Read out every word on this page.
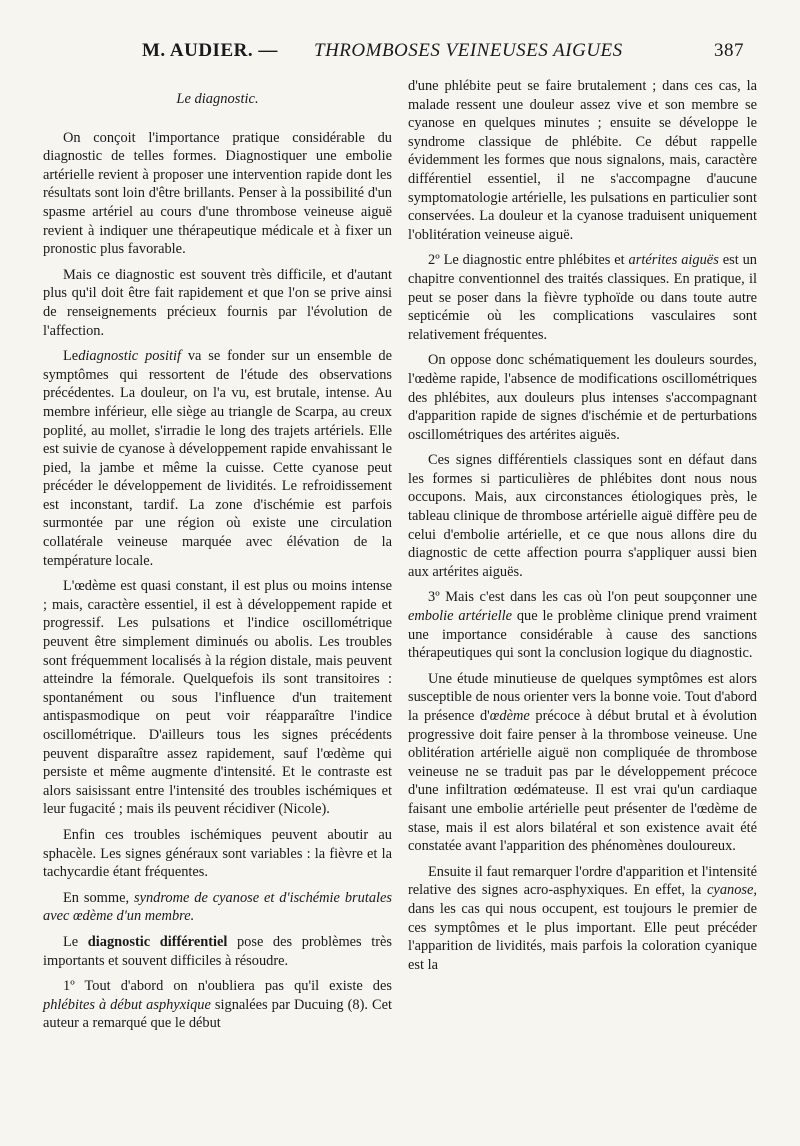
M. AUDIER. — THROMBOSES VEINEUSES AIGUES	387
Le diagnostic.

On conçoit l'importance pratique considérable du diagnostic de telles formes. Diagnostiquer une embolie artérielle revient à proposer une intervention rapide dont les résultats sont loin d'être brillants. Penser à la possibilité d'un spasme artériel au cours d'une thrombose veineuse aiguë revient à indiquer une thérapeutique médicale et à fixer un pronostic plus favorable.

Mais ce diagnostic est souvent très difficile, et d'autant plus qu'il doit être fait rapidement et que l'on se prive ainsi de renseignements précieux fournis par l'évolution de l'affection.

Lediagnostic positif va se fonder sur un ensemble de symptômes qui ressortent de l'étude des observations précédentes. La douleur, on l'a vu, est brutale, intense. Au membre inférieur, elle siège au triangle de Scarpa, au creux poplité, au mollet, s'irradie le long des trajets artériels. Elle est suivie de cyanose à développement rapide envahissant le pied, la jambe et même la cuisse. Cette cyanose peut précéder le développement de lividités. Le refroidissement est inconstant, tardif. La zone d'ischémie est parfois surmontée par une région où existe une circulation collatérale veineuse marquée avec élévation de la température locale.

L'œdème est quasi constant, il est plus ou moins intense ; mais, caractère essentiel, il est à développement rapide et progressif. Les pulsations et l'indice oscillométrique peuvent être simplement diminués ou abolis. Les troubles sont fréquemment localisés à la région distale, mais peuvent atteindre la fémorale. Quelquefois ils sont transitoires : spontanément ou sous l'influence d'un traitement antispasmodique on peut voir réapparaître l'indice oscillométrique. D'ailleurs tous les signes précédents peuvent disparaître assez rapidement, sauf l'œdème qui persiste et même augmente d'intensité. Et le contraste est alors saisissant entre l'intensité des troubles ischémiques et leur fugacité ; mais ils peuvent récidiver (Nicole).

Enfin ces troubles ischémiques peuvent aboutir au sphacèle. Les signes généraux sont variables : la fièvre et la tachycardie étant fréquentes.

En somme, syndrome de cyanose et d'ischémie brutales avec œdème d'un membre.

Le diagnostic différentiel pose des problèmes très importants et souvent difficiles à résoudre.

1º Tout d'abord on n'oubliera pas qu'il existe des phlébites à début asphyxique signalées par Ducuing (8). Cet auteur a remarqué que le début

d'une phlébite peut se faire brutalement ; dans ces cas, la malade ressent une douleur assez vive et son membre se cyanose en quelques minutes ; ensuite se développe le syndrome classique de phlébite. Ce début rappelle évidemment les formes que nous signalons, mais, caractère différentiel essentiel, il ne s'accompagne d'aucune symptomatologie artérielle, les pulsations en particulier sont conservées. La douleur et la cyanose traduisent uniquement l'oblitération veineuse aiguë.

2º Le diagnostic entre phlébites et artérites aiguës est un chapitre conventionnel des traités classiques. En pratique, il peut se poser dans la fièvre typhoïde ou dans toute autre septicémie où les complications vasculaires sont relativement fréquentes.

On oppose donc schématiquement les douleurs sourdes, l'œdème rapide, l'absence de modifications oscillométriques des phlébites, aux douleurs plus intenses s'accompagnant d'apparition rapide de signes d'ischémie et de perturbations oscillométriques des artérites aiguës.

Ces signes différentiels classiques sont en défaut dans les formes si particulières de phlébites dont nous nous occupons. Mais, aux circonstances étiologiques près, le tableau clinique de thrombose artérielle aiguë diffère peu de celui d'embolie artérielle, et ce que nous allons dire du diagnostic de cette affection pourra s'appliquer aussi bien aux artérites aiguës.

3º Mais c'est dans les cas où l'on peut soupçonner une embolie artérielle que le problème clinique prend vraiment une importance considérable à cause des sanctions thérapeutiques qui sont la conclusion logique du diagnostic.

Une étude minutieuse de quelques symptômes est alors susceptible de nous orienter vers la bonne voie. Tout d'abord la présence d'œdème précoce à début brutal et à évolution progressive doit faire penser à la thrombose veineuse. Une oblitération artérielle aiguë non compliquée de thrombose veineuse ne se traduit pas par le développement précoce d'une infiltration œdémateuse. Il est vrai qu'un cardiaque faisant une embolie artérielle peut présenter de l'œdème de stase, mais il est alors bilatéral et son existence avait été constatée avant l'apparition des phénomènes douloureux.

Ensuite il faut remarquer l'ordre d'apparition et l'intensité relative des signes acro-asphyxiques. En effet, la cyanose, dans les cas qui nous occupent, est toujours le premier de ces symptômes et le plus important. Elle peut précéder l'apparition de lividités, mais parfois la coloration cyanique est la
